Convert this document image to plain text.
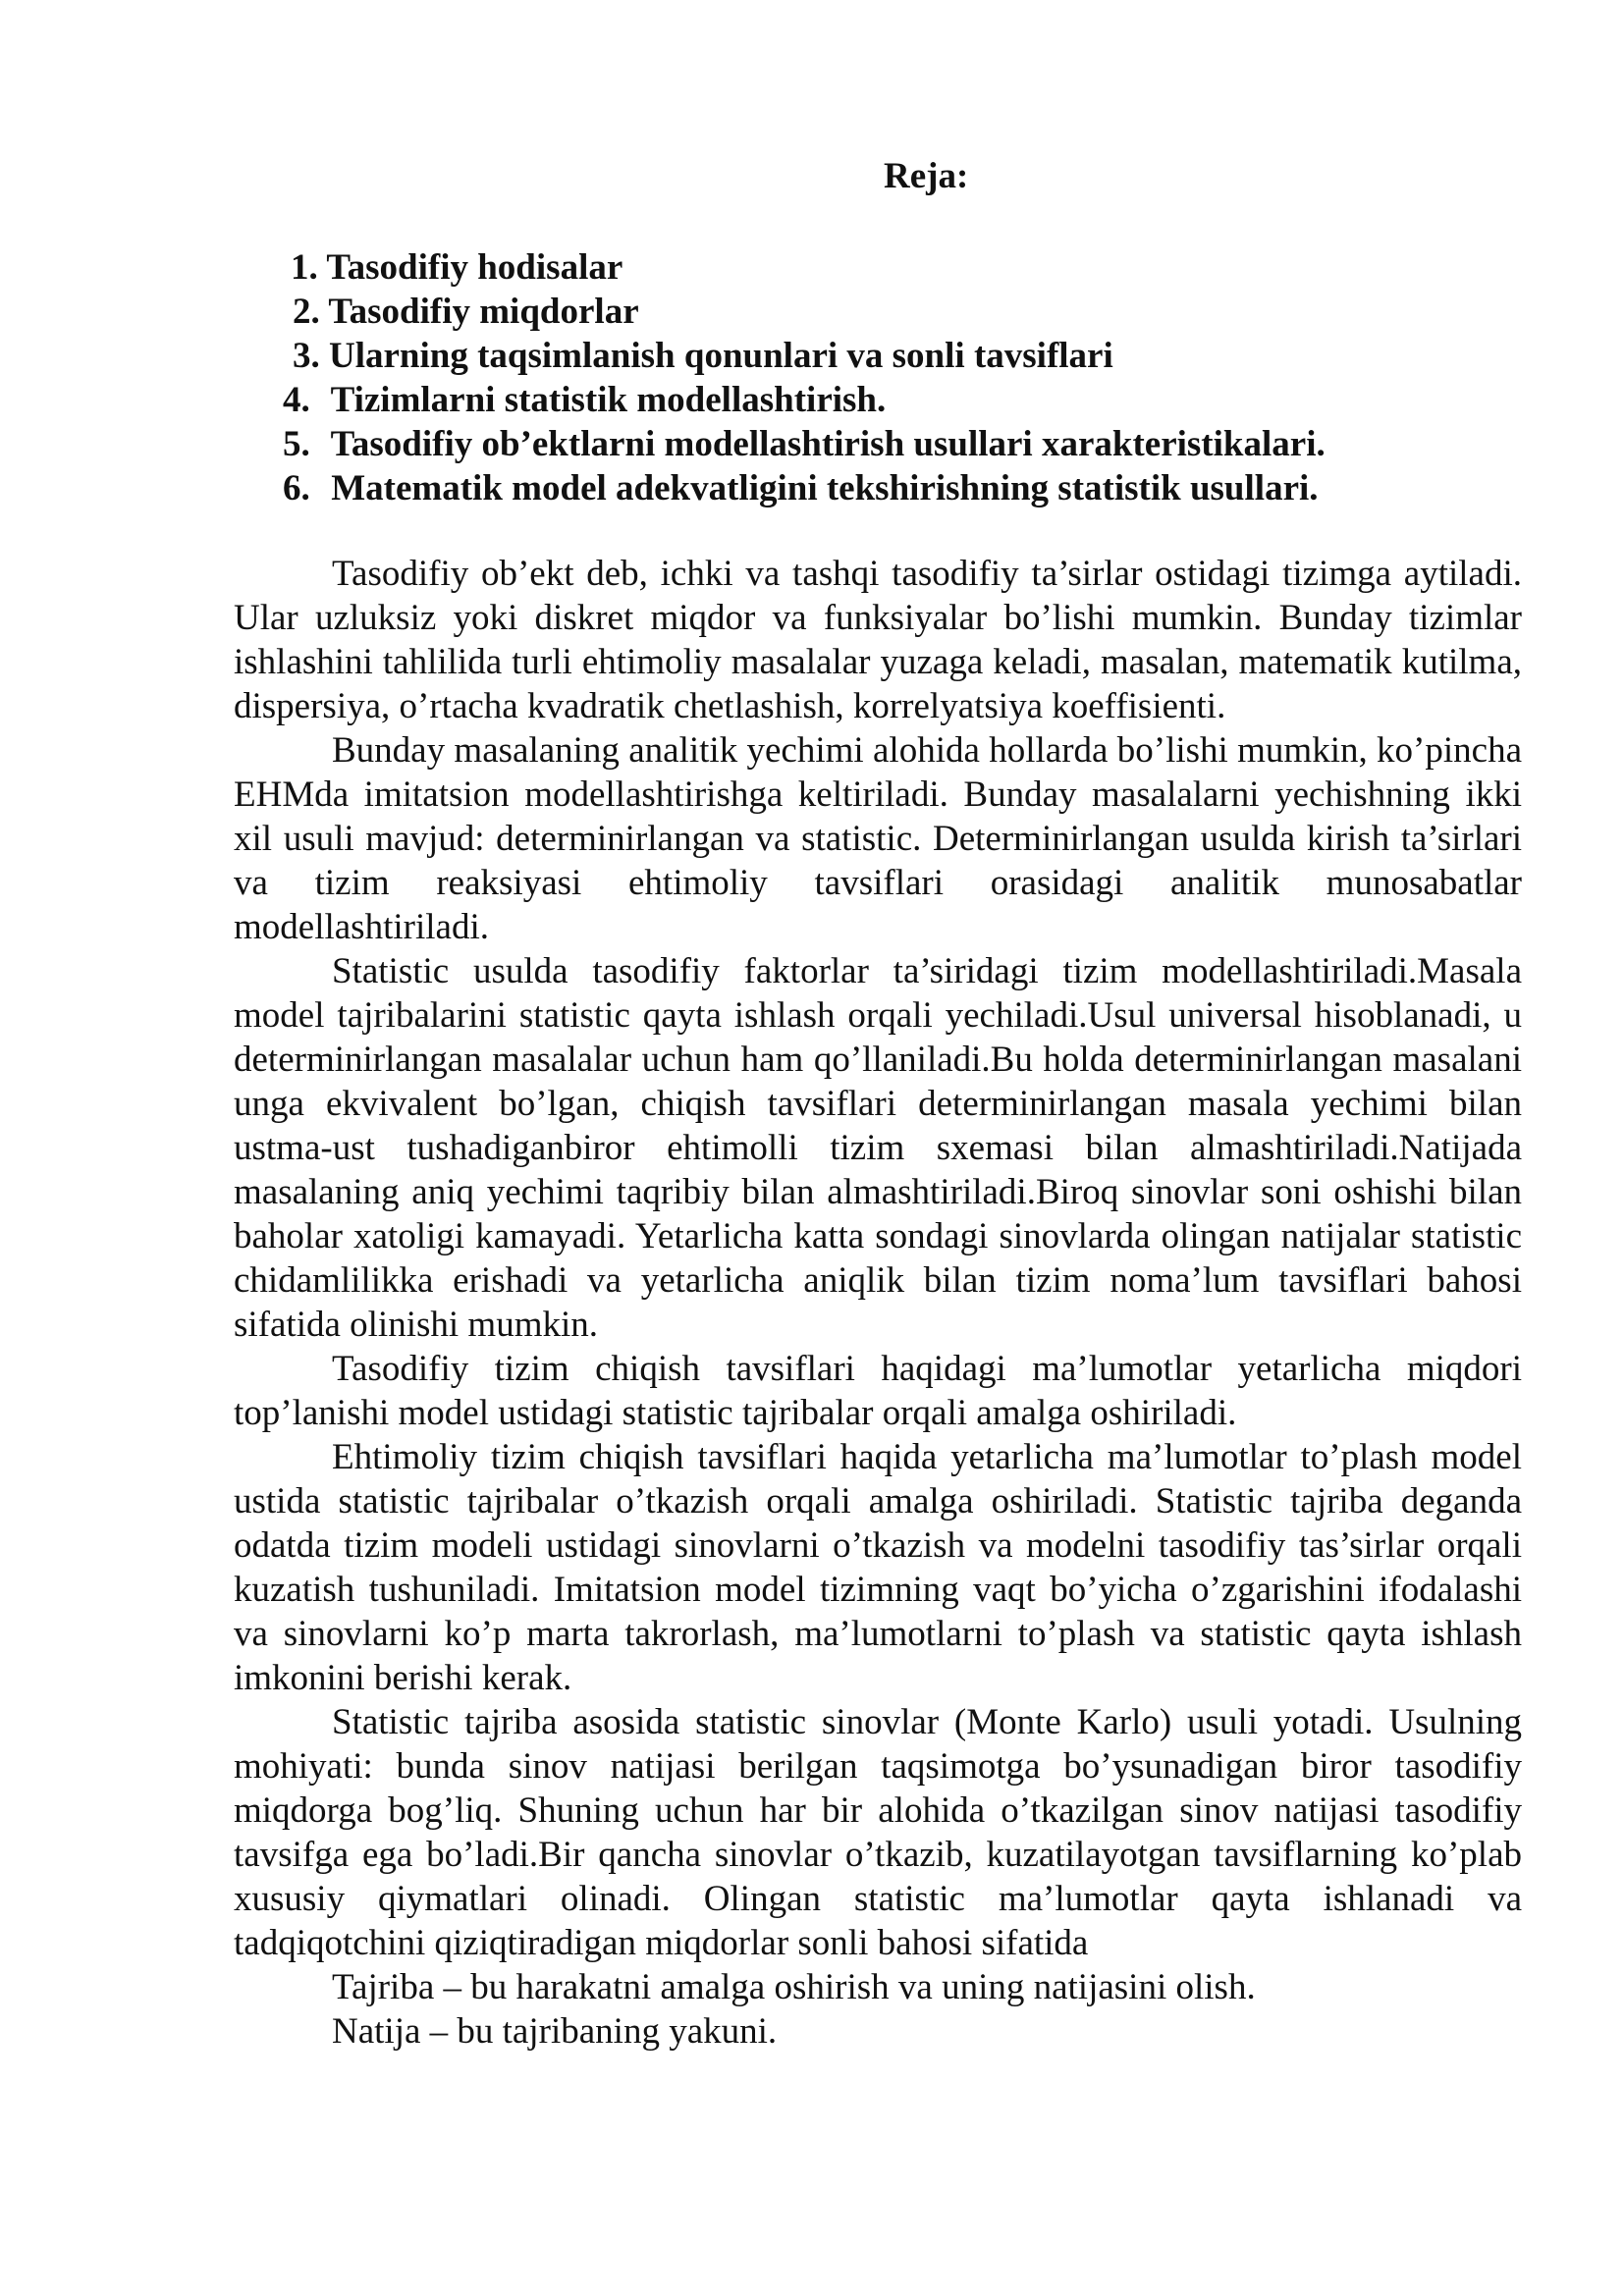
Reja:
1. Tasodifiy hodisalar
2. Tasodifiy miqdorlar
3. Ularning taqsimlanish qonunlari va sonli tavsiflari
4. Tizimlarni statistik modellashtirish.
5. Tasodifiy ob’ektlarni modellashtirish usullari xarakteristikalari.
6. Matematik model adekvatligini tekshirishning statistik usullari.

Tasodifiy ob’ekt deb, ichki va tashqi tasodifiy ta’sirlar ostidagi tizimga aytiladi. Ular uzluksiz yoki diskret miqdor va funksiyalar bo’lishi mumkin. Bunday tizimlar ishlashini tahlilida turli ehtimoliy masalalar yuzaga keladi, masalan, matematik kutilma, dispersiya, o’rtacha kvadratik chetlashish, korrelyatsiya koeffisienti.

Bunday masalaning analitik yechimi alohida hollarda bo’lishi mumkin, ko’pincha EHMda imitatsion modellashtirishga keltiriladi. Bunday masalalarni yechishning ikki xil usuli mavjud: determinirlangan va statistic. Determinirlangan usulda kirish ta’sirlari va tizim reaksiyasi ehtimoliy tavsiflari orasidagi analitik munosabatlar modellashtiriladi.

Statistic usulda tasodifiy faktorlar ta’siridagi tizim modellashtiriladi.Masala model tajribalarini statistic qayta ishlash orqali yechiladi.Usul universal hisoblanadi, u determinirlangan masalalar uchun ham qo’llaniladi.Bu holda determinirlangan masalani unga ekvivalent bo’lgan, chiqish tavsiflari determinirlangan masala yechimi bilan ustma-ust tushadiganbiror ehtimolli tizim sxemasi bilan almashtiriladi.Natijada masalaning aniq yechimi taqribiy bilan almashtiriladi.Biroq sinovlar soni oshishi bilan baholar xatoligi kamayadi. Yetarlicha katta sondagi sinovlarda olingan natijalar statistic chidamlilikka erishadi va yetarlicha aniqlik bilan tizim noma’lum tavsiflari bahosi sifatida olinishi mumkin.

Tasodifiy tizim chiqish tavsiflari haqidagi ma’lumotlar yetarlicha miqdori top’lanishi model ustidagi statistic tajribalar orqali amalga oshiriladi.

Ehtimoliy tizim chiqish tavsiflari haqida yetarlicha ma’lumotlar to’plash model ustida statistic tajribalar o’tkazish orqali amalga oshiriladi. Statistic tajriba deganda odatda tizim modeli ustidagi sinovlarni o’tkazish va modelni tasodifiy tas’sirlar orqali kuzatish tushuniladi. Imitatsion model tizimning vaqt bo’yicha o’zgarishini ifodalashi va sinovlarni ko’p marta takrorlash, ma’lumotlarni to’plash va statistic qayta ishlash imkonini berishi kerak.

Statistic tajriba asosida statistic sinovlar (Monte Karlo) usuli yotadi. Usulning mohiyati: bunda sinov natijasi berilgan taqsimotga bo’ysunadigan biror tasodifiy miqdorga bog’liq. Shuning uchun har bir alohida o’tkazilgan sinov natijasi tasodifiy tavsifga ega bo’ladi.Bir qancha sinovlar o’tkazib, kuzatilayotgan tavsiflarning ko’plab xususiy qiymatlari olinadi. Olingan statistic ma’lumotlar qayta ishlanadi va tadqiqotchini qiziqtiradigan miqdorlar sonli bahosi sifatida

Tajriba – bu harakatni amalga oshirish va uning natijasini olish.

Natija – bu tajribaning yakuni.
